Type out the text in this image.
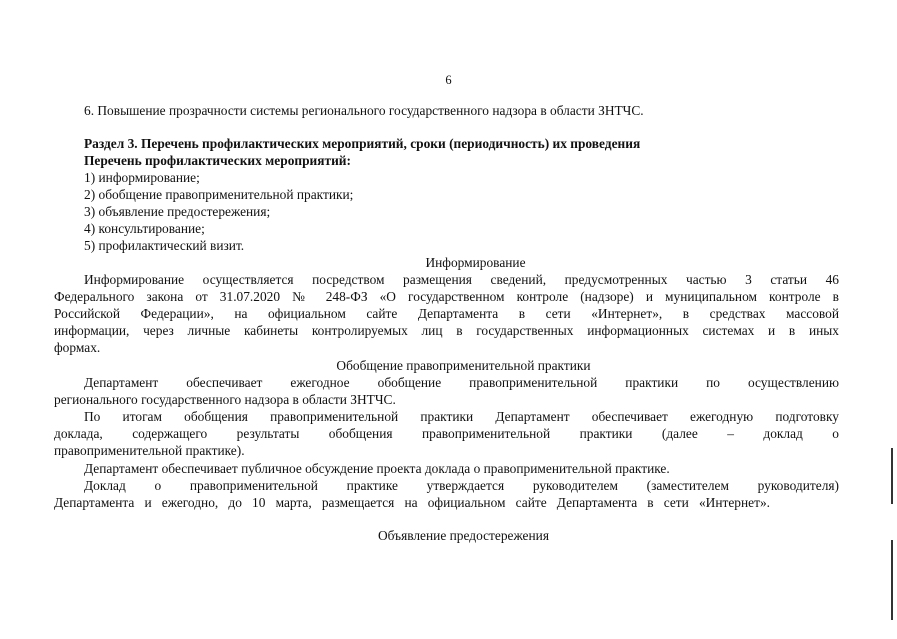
6
6. Повышение прозрачности системы регионального государственного надзора в области ЗНТЧС.
Раздел 3. Перечень профилактических мероприятий, сроки (периодичность) их проведения
Перечень профилактических мероприятий:
1) информирование;
2) обобщение правоприменительной практики;
3) объявление предостережения;
4) консультирование;
5) профилактический визит.
Информирование
Информирование осуществляется посредством размещения сведений, предусмотренных частью 3 статьи 46
Федерального закона от 31.07.2020 № 248-ФЗ «О государственном контроле (надзоре) и муниципальном контроле в
Российской Федерации», на официальном сайте Департамента в сети «Интернет», в средствах массовой
информации, через личные кабинеты контролируемых лиц в государственных информационных системах и в иных
формах.
Обобщение правоприменительной практики
Департамент обеспечивает ежегодное обобщение правоприменительной практики по осуществлению
регионального государственного надзора в области ЗНТЧС.
По итогам обобщения правоприменительной практики Департамент обеспечивает ежегодную подготовку
доклада, содержащего результаты обобщения правоприменительной практики (далее – доклад о
правоприменительной практике).
Департамент обеспечивает публичное обсуждение проекта доклада о правоприменительной практике.
Доклад о правоприменительной практике утверждается руководителем (заместителем руководителя)
Департамента и ежегодно, до 10 марта, размещается на официальном сайте Департамента в сети «Интернет».
Объявление предостережения
